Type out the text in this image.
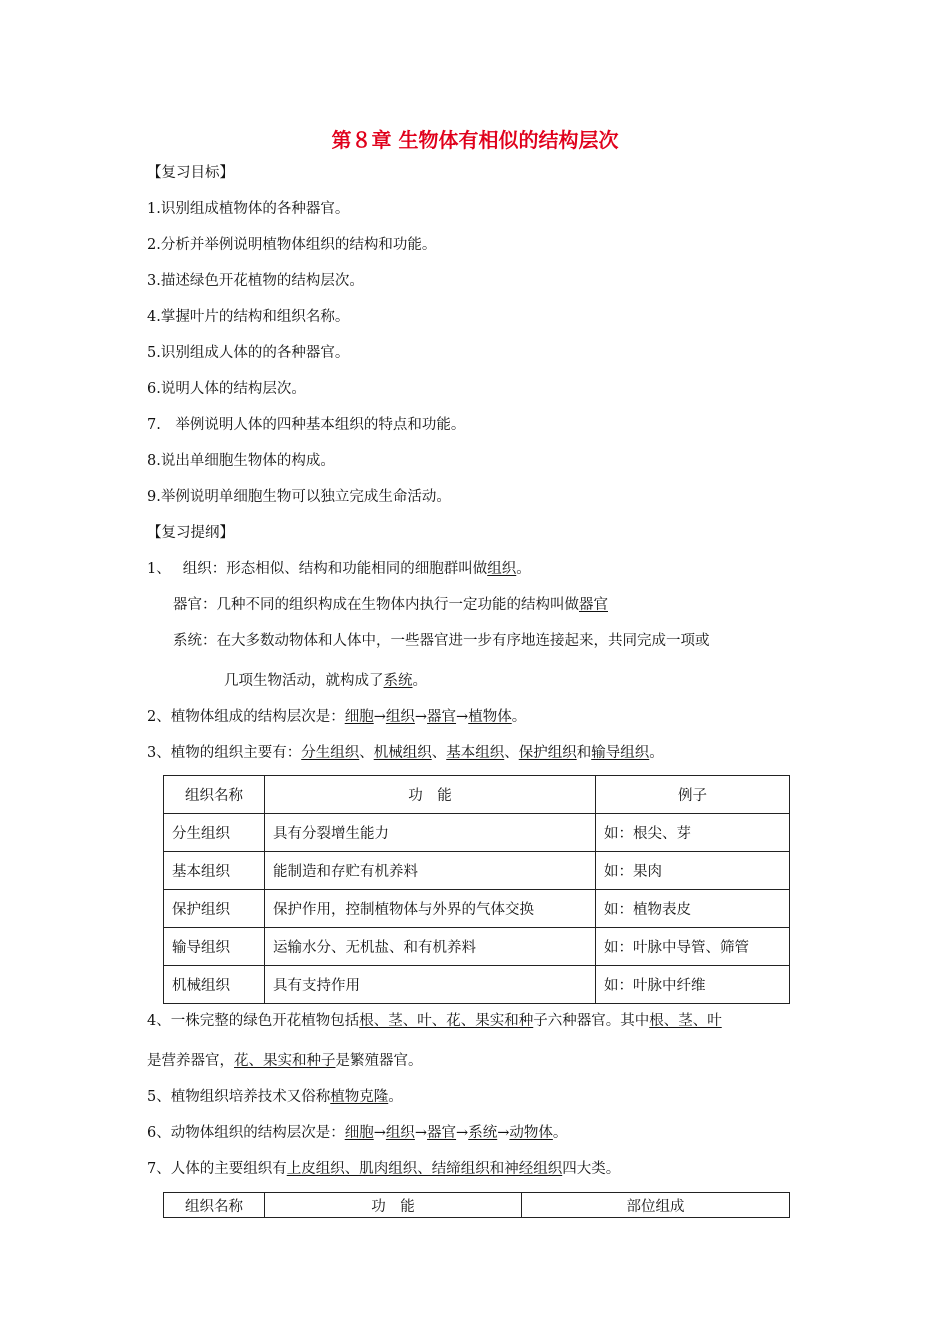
第８章 生物体有相似的结构层次
【复习目标】
1.识别组成植物体的各种器官。
2.分析并举例说明植物体组织的结构和功能。
3.描述绿色开花植物的结构层次。
4.掌握叶片的结构和组织名称。
5.识别组成人体的的各种器官。
6.说明人体的结构层次。
7.　举例说明人体的四种基本组织的特点和功能。
8.说出单细胞生物体的构成。
9.举例说明单细胞生物可以独立完成生命活动。
【复习提纲】
1、 组织：形态相似、结构和功能相同的细胞群叫做组织。
器官：几种不同的组织构成在生物体内执行一定功能的结构叫做器官
系统：在大多数动物体和人体中，一些器官进一步有序地连接起来，共同完成一项或
几项生物活动，就构成了系统。
2、植物体组成的结构层次是：细胞→组织→器官→植物体。
3、植物的组织主要有：分生组织、机械组织、基本组织、保护组织和输导组织。
组织名称	功　能	例子
分生组织	具有分裂增生能力	如：根尖、芽
基本组织	能制造和存贮有机养料	如：果肉
保护组织	保护作用，控制植物体与外界的气体交换	如：植物表皮
输导组织	运输水分、无机盐、和有机养料	如：叶脉中导管、筛管
机械组织	具有支持作用	如：叶脉中纤维
4、一株完整的绿色开花植物包括根、茎、叶、花、果实和种子六种器官。其中根、茎、叶
是营养器官，花、果实和种子是繁殖器官。
5、植物组织培养技术又俗称植物克隆。
6、动物体组织的结构层次是：细胞→组织→器官→系统→动物体。
7、人体的主要组织有上皮组织、肌肉组织、结缔组织和神经组织四大类。
组织名称	功　能	部位组成
